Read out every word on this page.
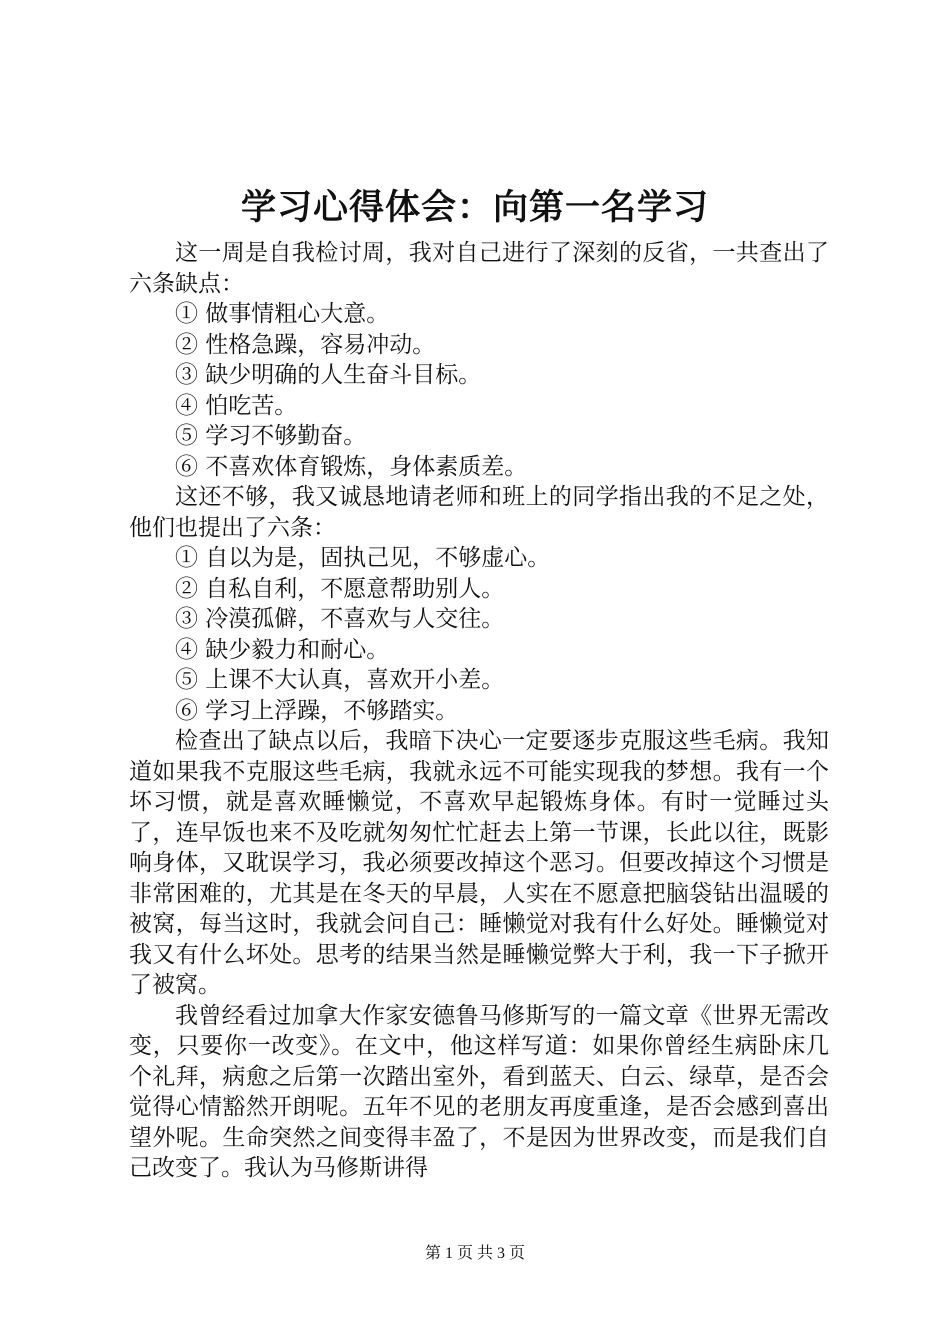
学习心得体会：向第一名学习

这一周是自我检讨周，我对自己进行了深刻的反省，一共查出了六条缺点：

① 做事情粗心大意。

② 性格急躁，容易冲动。

③ 缺少明确的人生奋斗目标。

④ 怕吃苦。

⑤ 学习不够勤奋。

⑥ 不喜欢体育锻炼，身体素质差。

这还不够，我又诚恳地请老师和班上的同学指出我的不足之处，他们也提出了六条：

① 自以为是，固执己见，不够虚心。

② 自私自利，不愿意帮助别人。

③ 冷漠孤僻，不喜欢与人交往。

④ 缺少毅力和耐心。

⑤ 上课不大认真，喜欢开小差。

⑥ 学习上浮躁，不够踏实。

检查出了缺点以后，我暗下决心一定要逐步克服这些毛病。我知道如果我不克服这些毛病，我就永远不可能实现我的梦想。我有一个坏习惯，就是喜欢睡懒觉，不喜欢早起锻炼身体。有时一觉睡过头了，连早饭也来不及吃就匆匆忙忙赶去上第一节课，长此以往，既影响身体，又耽误学习，我必须要改掉这个恶习。但要改掉这个习惯是非常困难的，尤其是在冬天的早晨，人实在不愿意把脑袋钻出温暖的被窝，每当这时，我就会问自己：睡懒觉对我有什么好处。睡懒觉对我又有什么坏处。思考的结果当然是睡懒觉弊大于利，我一下子掀开了被窝。

我曾经看过加拿大作家安德鲁马修斯写的一篇文章《世界无需改变，只要你一改变》。在文中，他这样写道：如果你曾经生病卧床几个礼拜，病愈之后第一次踏出室外，看到蓝天、白云、绿草，是否会觉得心情豁然开朗呢。五年不见的老朋友再度重逢，是否会感到喜出望外呢。生命突然之间变得丰盈了，不是因为世界改变，而是我们自己改变了。我认为马修斯讲得

第 1 页 共 3 页
